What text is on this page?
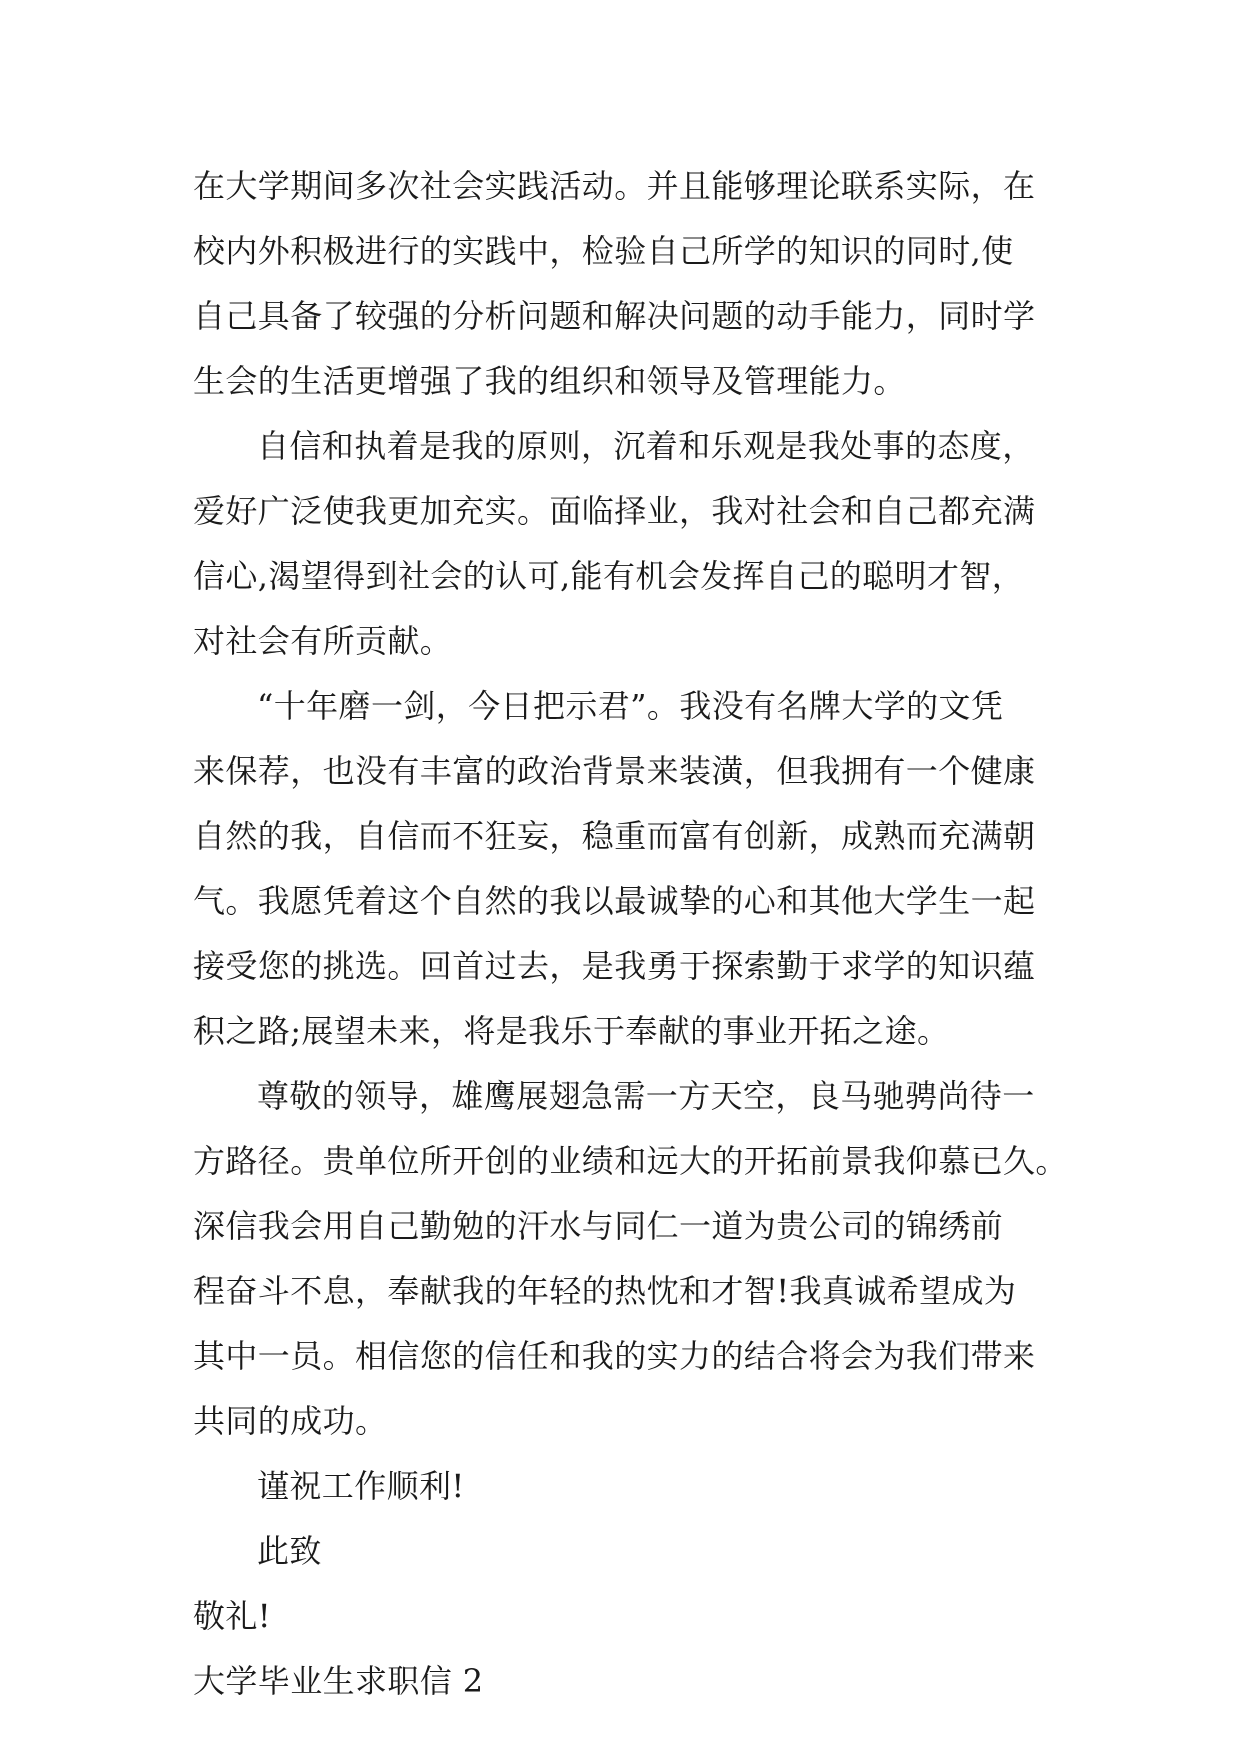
在大学期间多次社会实践活动。并且能够理论联系实际，在

校内外积极进行的实践中，检验自己所学的知识的同时,使

自己具备了较强的分析问题和解决问题的动手能力，同时学

生会的生活更增强了我的组织和领导及管理能力。

自信和执着是我的原则，沉着和乐观是我处事的态度，

爱好广泛使我更加充实。面临择业，我对社会和自己都充满

信心,渴望得到社会的认可,能有机会发挥自己的聪明才智，

对社会有所贡献。

“十年磨一剑，今日把示君”。我没有名牌大学的文凭

来保荐，也没有丰富的政治背景来装潢，但我拥有一个健康

自然的我，自信而不狂妄，稳重而富有创新，成熟而充满朝

气。我愿凭着这个自然的我以最诚挚的心和其他大学生一起

接受您的挑选。回首过去，是我勇于探索勤于求学的知识蕴

积之路;展望未来，将是我乐于奉献的事业开拓之途。

尊敬的领导，雄鹰展翅急需一方天空，良马驰骋尚待一

方路径。贵单位所开创的业绩和远大的开拓前景我仰慕已久。

深信我会用自己勤勉的汗水与同仁一道为贵公司的锦绣前

程奋斗不息，奉献我的年轻的热忱和才智!我真诚希望成为

其中一员。相信您的信任和我的实力的结合将会为我们带来

共同的成功。

谨祝工作顺利!

此致

敬礼!

大学毕业生求职信 2
